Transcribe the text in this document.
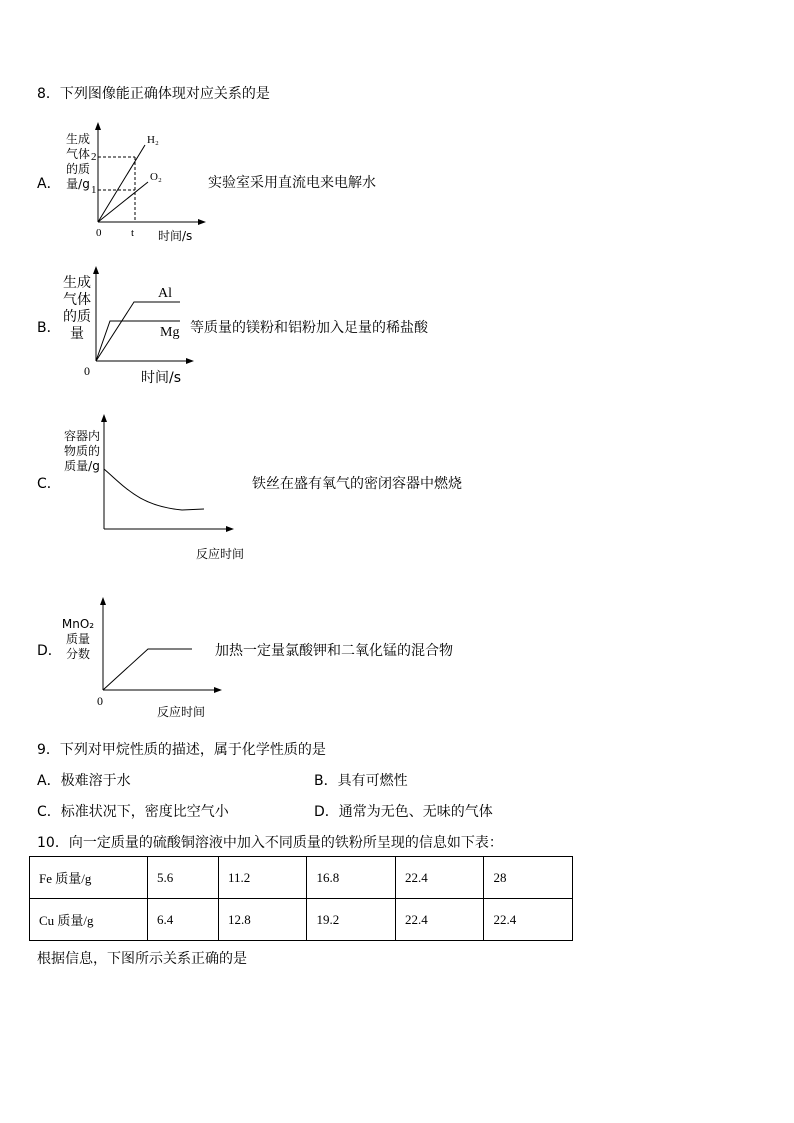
8．下列图像能正确体现对应关系的是
A．
生成
气体
的质
量/g
2
1
0	t 时间/s
H₂
O₂	实验室采用直流电来电解水
B．
生成
气体
的质
量
Al
Mg
0	时间/s
等质量的镁粉和铝粉加入足量的稀盐酸
C．
容器内
物质的
质量/g
反应时间
铁丝在盛有氧气的密闭容器中燃烧
D．
MnO₂
质量
分数
0
反应时间
加热一定量氯酸钾和二氧化锰的混合物
9．下列对甲烷性质的描述，属于化学性质的是
A．极难溶于水	B．具有可燃性
C．标准状况下，密度比空气小	D．通常为无色、无味的气体
10．向一定质量的硫酸铜溶液中加入不同质量的铁粉所呈现的信息如下表：
Fe 质量/g	5.6	11.2	16.8	22.4	28
Cu 质量/g	6.4	12.8	19.2	22.4	22.4
根据信息，下图所示关系正确的是
